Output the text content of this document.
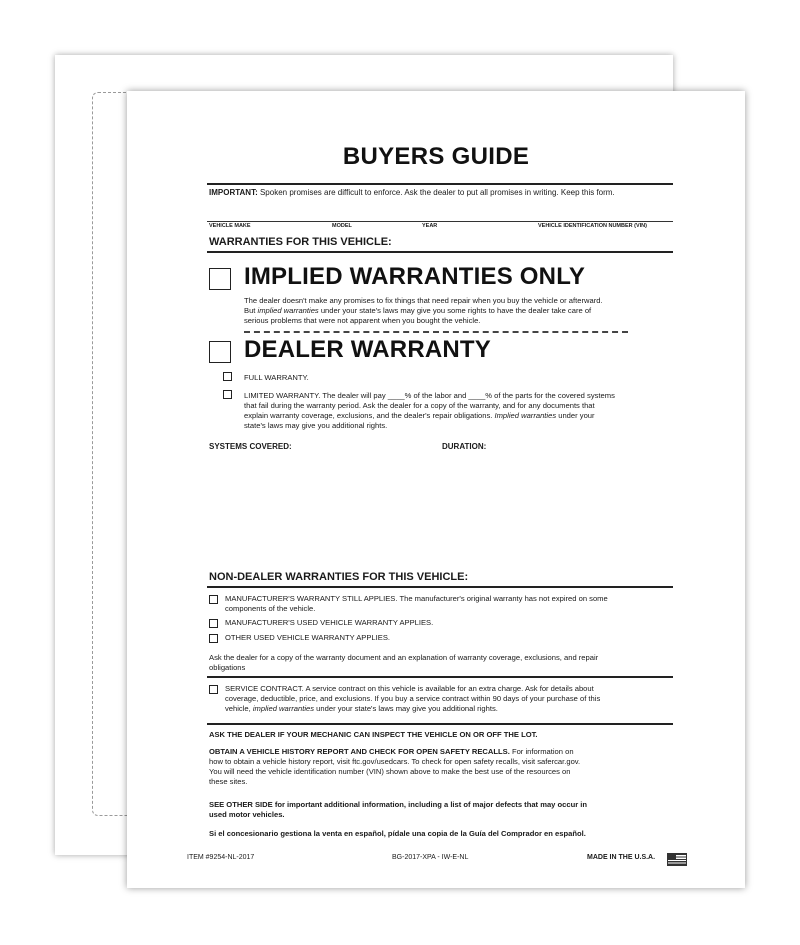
BUYERS GUIDE
IMPORTANT: Spoken promises are difficult to enforce. Ask the dealer to put all promises in writing. Keep this form.
VEHICLE MAKE	MODEL	YEAR	VEHICLE IDENTIFICATION NUMBER (VIN)
WARRANTIES FOR THIS VEHICLE:
IMPLIED WARRANTIES ONLY
The dealer doesn't make any promises to fix things that need repair when you buy the vehicle or afterward.
But implied warranties under your state's laws may give you some rights to have the dealer take care of
serious problems that were not apparent when you bought the vehicle.
DEALER WARRANTY
FULL WARRANTY.
LIMITED WARRANTY. The dealer will pay ____% of the labor and ____% of the parts for the covered systems
that fail during the warranty period. Ask the dealer for a copy of the warranty, and for any documents that
explain warranty coverage, exclusions, and the dealer's repair obligations. Implied warranties under your
state's laws may give you additional rights.
SYSTEMS COVERED:	DURATION:
NON-DEALER WARRANTIES FOR THIS VEHICLE:
MANUFACTURER'S WARRANTY STILL APPLIES. The manufacturer's original warranty has not expired on some
components of the vehicle.
MANUFACTURER'S USED VEHICLE WARRANTY APPLIES.
OTHER USED VEHICLE WARRANTY APPLIES.
Ask the dealer for a copy of the warranty document and an explanation of warranty coverage, exclusions, and repair
obligations
SERVICE CONTRACT. A service contract on this vehicle is available for an extra charge. Ask for details about
coverage, deductible, price, and exclusions. If you buy a service contract within 90 days of your purchase of this
vehicle, implied warranties under your state's laws may give you additional rights.
ASK THE DEALER IF YOUR MECHANIC CAN INSPECT THE VEHICLE ON OR OFF THE LOT.
OBTAIN A VEHICLE HISTORY REPORT AND CHECK FOR OPEN SAFETY RECALLS. For information on
how to obtain a vehicle history report, visit ftc.gov/usedcars. To check for open safety recalls, visit safercar.gov.
You will need the vehicle identification number (VIN) shown above to make the best use of the resources on
these sites.
SEE OTHER SIDE for important additional information, including a list of major defects that may occur in
used motor vehicles.
Si el concesionario gestiona la venta en español, pídale una copia de la Guía del Comprador en español.
ITEM #9254-NL-2017	BG-2017-XPA - IW-E-NL	MADE IN THE U.S.A.
